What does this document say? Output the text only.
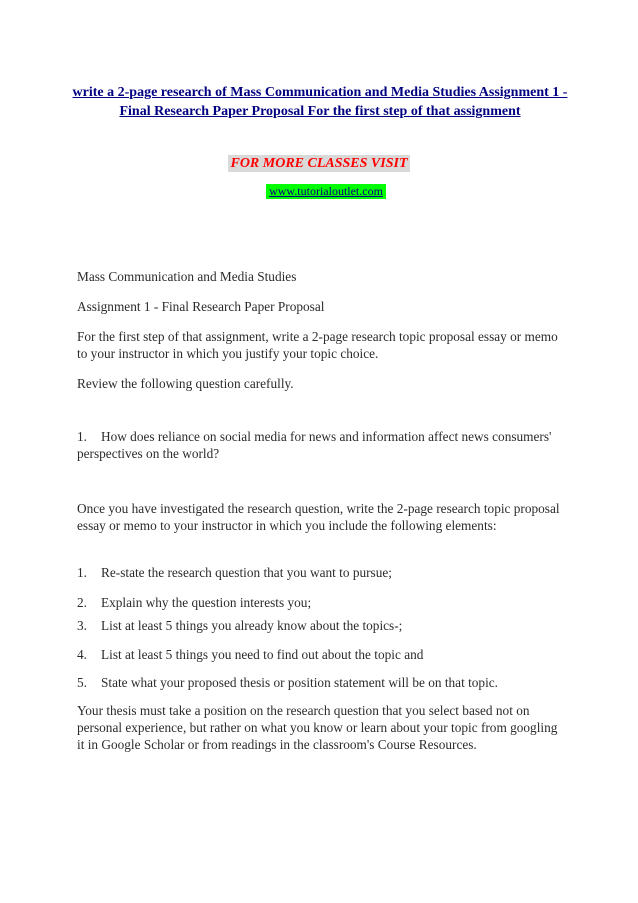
write a 2-page research of Mass Communication and Media Studies Assignment 1 - Final Research Paper Proposal For the first step of that assignment
FOR MORE CLASSES VISIT
www.tutorialoutlet.com
Mass Communication and Media Studies
Assignment 1 - Final Research Paper Proposal
For the first step of that assignment, write a 2-page research topic proposal essay or memo to your instructor in which you justify your topic choice.
Review the following question carefully.
1. How does reliance on social media for news and information affect news consumers' perspectives on the world?
Once you have investigated the research question, write the 2-page research topic proposal essay or memo to your instructor in which you include the following elements:
1. Re-state the research question that you want to pursue;
2. Explain why the question interests you;
3. List at least 5 things you already know about the topics-;
4. List at least 5 things you need to find out about the topic and
5. State what your proposed thesis or position statement will be on that topic.
Your thesis must take a position on the research question that you select based not on personal experience, but rather on what you know or learn about your topic from googling it in Google Scholar or from readings in the classroom's Course Resources.
